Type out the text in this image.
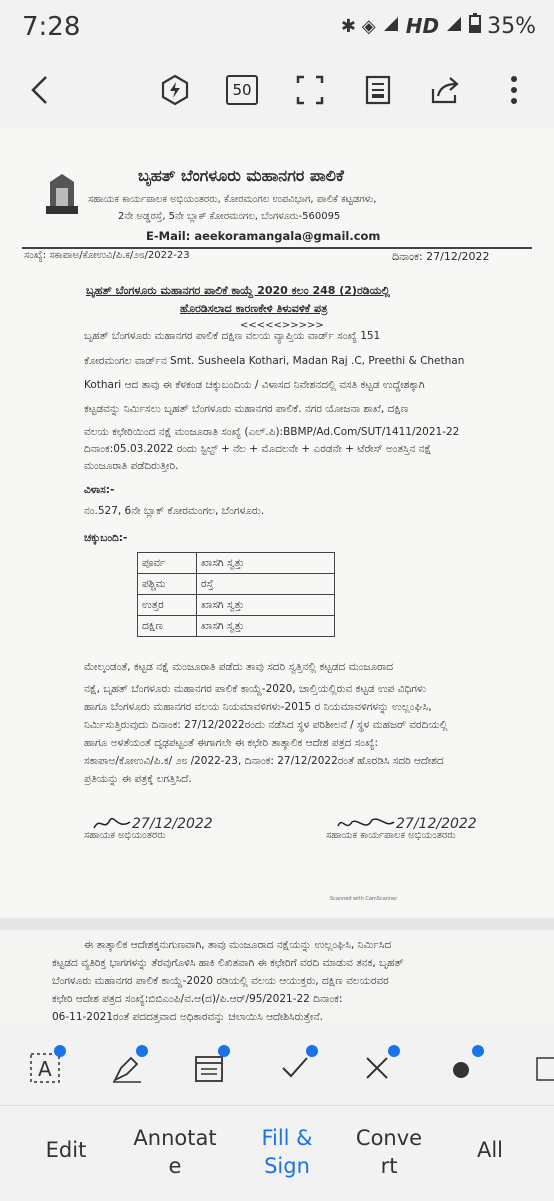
7:28	✱ ◈ HD 35%
50
ಬೃಹತ್ ಬೆಂಗಳೂರು ಮಹಾನಗರ ಪಾಲಿಕೆ
ಸಹಾಯಕ ಕಾರ್ಯಪಾಲಕ ಅಭಿಯಂತರರು, ಕೋರಮಂಗಲ ಉಪವಿಭಾಗ, ಪಾಲಿಕೆ ಕಟ್ಟಡಗಳು,
2ನೇ ಅಡ್ಡರಸ್ತೆ, 5ನೇ ಬ್ಲಾಕ್ ಕೋರಮಂಗಲ, ಬೆಂಗಳೂರು-560095
E-Mail: aeekoramangala@gmail.com
ಸಂಖ್ಯೆ: ಸಕಾಪಾಅ/ಕೋಉವಿ/ಪಿ.ಕ/೨೮/2022-23	ದಿನಾಂಕ: 27/12/2022
ಬೃಹತ್ ಬೆಂಗಳೂರು ಮಹಾನಗರ ಪಾಲಿಕೆ ಕಾಯ್ದೆ 2020 ಕಲಂ 248 (2)ರಡಿಯಲ್ಲಿ
ಹೊರಡಿಸಲಾದ ಕಾರಣಕೇಳಿ ತಿಳುವಳಿಕೆ ಪತ್ರ
<<<<<>>>>>
ಬೃಹತ್ ಬೆಂಗಳೂರು ಮಹಾನಗರ ಪಾಲಿಕೆ ದಕ್ಷಿಣ ವಲಯ ವ್ಯಾಪ್ತಿಯ ವಾರ್ಡ್ ಸಂಖ್ಯೆ 151
ಕೋರಮಂಗಲ ವಾರ್ಡ್‌ನ Smt. Susheela Kothari, Madan Raj .C, Preethi & Chethan
Kothari ಆದ ತಾವು ಈ ಕೆಳಕಂಡ ಚಕ್ಕುಬಂದಿಯ / ವಿಳಾಸದ ನಿವೇಶನದಲ್ಲಿ ವಸತಿ ಕಟ್ಟಡ ಉದ್ದೇಶಕ್ಕಾಗಿ
ಕಟ್ಟಡವನ್ನು ನಿರ್ಮಿಸಲು ಬೃಹತ್ ಬೆಂಗಳೂರು ಮಹಾನಗರ ಪಾಲಿಕೆ. ನಗರ ಯೋಜನಾ ಶಾಖೆ, ದಕ್ಷಿಣ
ವಲಯ ಕಛೇರಿಯಿಂದ ನಕ್ಷೆ ಮಂಜೂರಾತಿ ಸಂಖ್ಯೆ (ಎಲ್.ಪಿ):BBMP/Ad.Com/SUT/1411/2021-22
ದಿನಾಂಕ:05.03.2022 ರಂದು ಸ್ಟಿಲ್ಟ್ + ನೆಲ + ಮೊದಲನೇ + ಎರಡನೇ + ಟೆರೇಸ್ ಅಂತಸ್ತಿನ ನಕ್ಷೆ
ಮಂಜೂರಾತಿ ಪಡೆದಿರುತ್ತೀರಿ.
ವಿಳಾಸ:-
ನಂ.527, 6ನೇ ಬ್ಲಾಕ್ ಕೋರಮಂಗಲ, ಬೆಂಗಳೂರು.
ಚಕ್ಕುಬಂದಿ:-
ಪೂರ್ವ	ಖಾಸಗಿ ಸ್ವತ್ತು
ಪಶ್ಚಿಮ	ರಸ್ತೆ
ಉತ್ತರ	ಖಾಸಗಿ ಸ್ವತ್ತು
ದಕ್ಷಿಣ	ಖಾಸಗಿ ಸ್ವತ್ತು
ಮೇಲ್ಕಂಡಂತೆ, ಕಟ್ಟಡ ನಕ್ಷೆ ಮಂಜೂರಾತಿ ಪಡೆದು ತಾವು ಸದರಿ ಸ್ವತ್ತಿನಲ್ಲಿ ಕಟ್ಟಡದ ಮಂಜೂರಾದ
ನಕ್ಷೆ, ಬೃಹತ್ ಬೆಂಗಳೂರು ಮಹಾನಗರ ಪಾಲಿಕೆ ಕಾಯ್ದೆ-2020, ಚಾಲ್ತಿಯಲ್ಲಿರುವ ಕಟ್ಟಡ ಉಪ ವಿಧಿಗಳು
ಹಾಗೂ ಬೆಂಗಳೂರು ಮಹಾನಗರ ವಲಯ ನಿಯಮಾವಳಿಗಳು-2015 ರ ನಿಯಮಾವಳಿಗಳನ್ನು ಉಲ್ಲಂಘಿಸಿ,
ನಿರ್ಮಿಸುತ್ತಿರುವುದು ದಿನಾಂಕ: 27/12/2022ರಂದು ನಡೆಸಿದ ಸ್ಥಳ ಪರಿಶೀಲನೆ / ಸ್ಥಳ ಮಹಜರ್ ವರದಿಯಲ್ಲಿ
ಹಾಗೂ ಅಳತೆಯಂತೆ ದೃಢಪಟ್ಟಂತೆ ಈಗಾಗಲೇ ಈ ಕಛೇರಿ ತಾತ್ಕಾಲಿಕ ಆದೇಶ ಪತ್ರದ ಸಂಖ್ಯೆ:
ಸಕಾಪಾಅ/ಕೋಉವಿ/ಪಿ.ಕ/ ೨೮ /2022-23, ದಿನಾಂಕ: 27/12/2022ರಂತೆ ಹೊರಡಿಸಿ ಸದರಿ ಆದೇಶದ
ಪ್ರತಿಯನ್ನು ಈ ಪತ್ರಕ್ಕೆ ಲಗತ್ತಿಸಿದೆ.
27/12/2022
ಸಹಾಯಕ ಅಭಿಯಂತರರು
27/12/2022
ಸಹಾಯಕ ಕಾರ್ಯಪಾಲಕ ಅಭಿಯಂತರರು
Scanned with CamScanner
ಈ ತಾತ್ಕಾಲಿಕ ಆದೇಶಕ್ಕನುಗುಣವಾಗಿ, ತಾವು ಮಂಜೂರಾದ ನಕ್ಷೆಯನ್ನು ಉಲ್ಲಂಘಿಸಿ, ನಿರ್ಮಿಸಿದ
ಕಟ್ಟಡದ ವ್ಯತಿರಿಕ್ತ ಭಾಗಗಳನ್ನು ತೆರವುಗೊಳಿಸಿ ಹಾಕಿ ಲಿಖಿತವಾಗಿ ಈ ಕಛೇರಿಗೆ ವರದಿ ಮಾಡುವ ತನಕ, ಬೃಹತ್
ಬೆಂಗಳೂರು ಮಹಾನಗರ ಪಾಲಿಕೆ ಕಾಯ್ದೆ-2020 ರಡಿಯಲ್ಲಿ ವಲಯ ಆಯುಕ್ತರು, ದಕ್ಷಿಣ ವಲಯರವರ
ಕಛೇರಿ ಆದೇಶ ಪತ್ರದ ಸಂಖ್ಯೆ:ಬಿಬಿಎಂಪಿ/ವ.ಆ(ದ)/ಪಿ.ಆರ್/95/2021-22 ದಿನಾಂಕ:
06-11-2021ರಂತೆ ಪದದತ್ತವಾದ ಅಧಿಕಾರವನ್ನು ಚಲಾಯಿಸಿ ಆದೇಶಿಸಿರುತ್ತೇನೆ.
A
Edit Annotat
e
Fill &
Sign
Conve
rt
All
